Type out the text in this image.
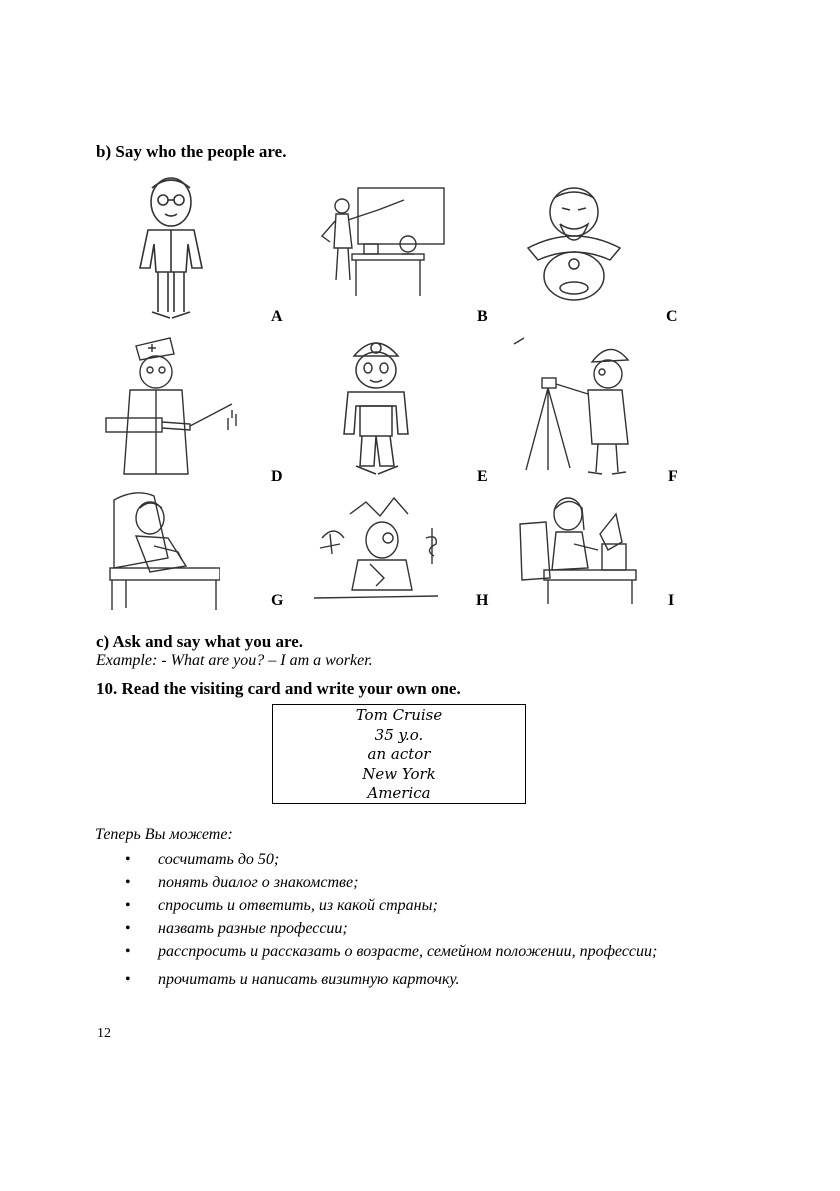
b) Say who the people are.
A	B	C
D	E	F
G	H	I
c) Ask and say what you are.
Example: - What are you? – I am a worker.
10. Read the visiting card and write your own one.
Tom Cruise
35 y.o.
an actor
New York
America
Теперь Вы можете:
• сосчитать до 50;
• понять диалог о знакомстве;
• спросить и ответить, из какой страны;
• назвать разные профессии;
• расспросить и рассказать о возрасте, семейном положении, профессии;
• прочитать и написать визитную карточку.
12
